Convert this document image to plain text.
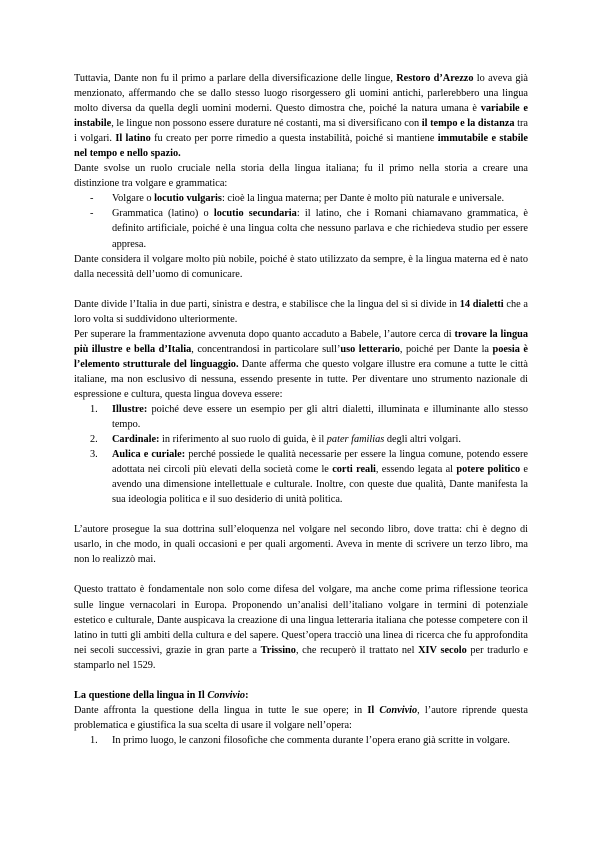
Tuttavia, Dante non fu il primo a parlare della diversificazione delle lingue, Restoro d’Arezzo lo aveva già menzionato, affermando che se dallo stesso luogo risorgessero gli uomini antichi, parlerebbero una lingua molto diversa da quella degli uomini moderni. Questo dimostra che, poiché la natura umana è variabile e instabile, le lingue non possono essere durature né costanti, ma si diversificano con il tempo e la distanza tra i volgari. Il latino fu creato per porre rimedio a questa instabilità, poiché si mantiene immutabile e stabile nel tempo e nello spazio.

Dante svolse un ruolo cruciale nella storia della lingua italiana; fu il primo nella storia a creare una distinzione tra volgare e grammatica:

- Volgare o locutio vulgaris: cioè la lingua materna; per Dante è molto più naturale e universale.
- Grammatica (latino) o locutio secundaria: il latino, che i Romani chiamavano grammatica, è definito artificiale, poiché è una lingua colta che nessuno parlava e che richiedeva studio per essere appresa.

Dante considera il volgare molto più nobile, poiché è stato utilizzato da sempre, è la lingua materna ed è nato dalla necessità dell’uomo di comunicare.

Dante divide l’Italia in due parti, sinistra e destra, e stabilisce che la lingua del sì si divide in 14 dialetti che a loro volta si suddividono ulteriormente.

Per superare la frammentazione avvenuta dopo quanto accaduto a Babele, l’autore cerca di trovare la lingua più illustre e bella d’Italia, concentrandosi in particolare sull’uso letterario, poiché per Dante la poesia è l’elemento strutturale del linguaggio. Dante afferma che questo volgare illustre era comune a tutte le città italiane, ma non esclusivo di nessuna, essendo presente in tutte. Per diventare uno strumento nazionale di espressione e cultura, questa lingua doveva essere:

1. Illustre: poiché deve essere un esempio per gli altri dialetti, illuminata e illuminante allo stesso tempo.
2. Cardinale: in riferimento al suo ruolo di guida, è il pater familias degli altri volgari.
3. Aulica e curiale: perché possiede le qualità necessarie per essere la lingua comune, potendo essere adottata nei circoli più elevati della società come le corti reali, essendo legata al potere politico e avendo una dimensione intellettuale e culturale. Inoltre, con queste due qualità, Dante manifesta la sua ideologia politica e il suo desiderio di unità politica.

L’autore prosegue la sua dottrina sull’eloquenza nel volgare nel secondo libro, dove tratta: chi è degno di usarlo, in che modo, in quali occasioni e per quali argomenti. Aveva in mente di scrivere un terzo libro, ma non lo realizzò mai.

Questo trattato è fondamentale non solo come difesa del volgare, ma anche come prima riflessione teorica sulle lingue vernacolari in Europa. Proponendo un’analisi dell’italiano volgare in termini di potenziale estetico e culturale, Dante auspicava la creazione di una lingua letteraria italiana che potesse competere con il latino in tutti gli ambiti della cultura e del sapere. Quest’opera tracciò una linea di ricerca che fu approfondita nei secoli successivi, grazie in gran parte a Trissino, che recuperò il trattato nel XIV secolo per tradurlo e stamparlo nel 1529.

La questione della lingua in Il Convivio:

Dante affronta la questione della lingua in tutte le sue opere; in Il Convivio, l’autore riprende questa problematica e giustifica la sua scelta di usare il volgare nell’opera:

1. In primo luogo, le canzoni filosofiche che commenta durante l’opera erano già scritte in volgare.
